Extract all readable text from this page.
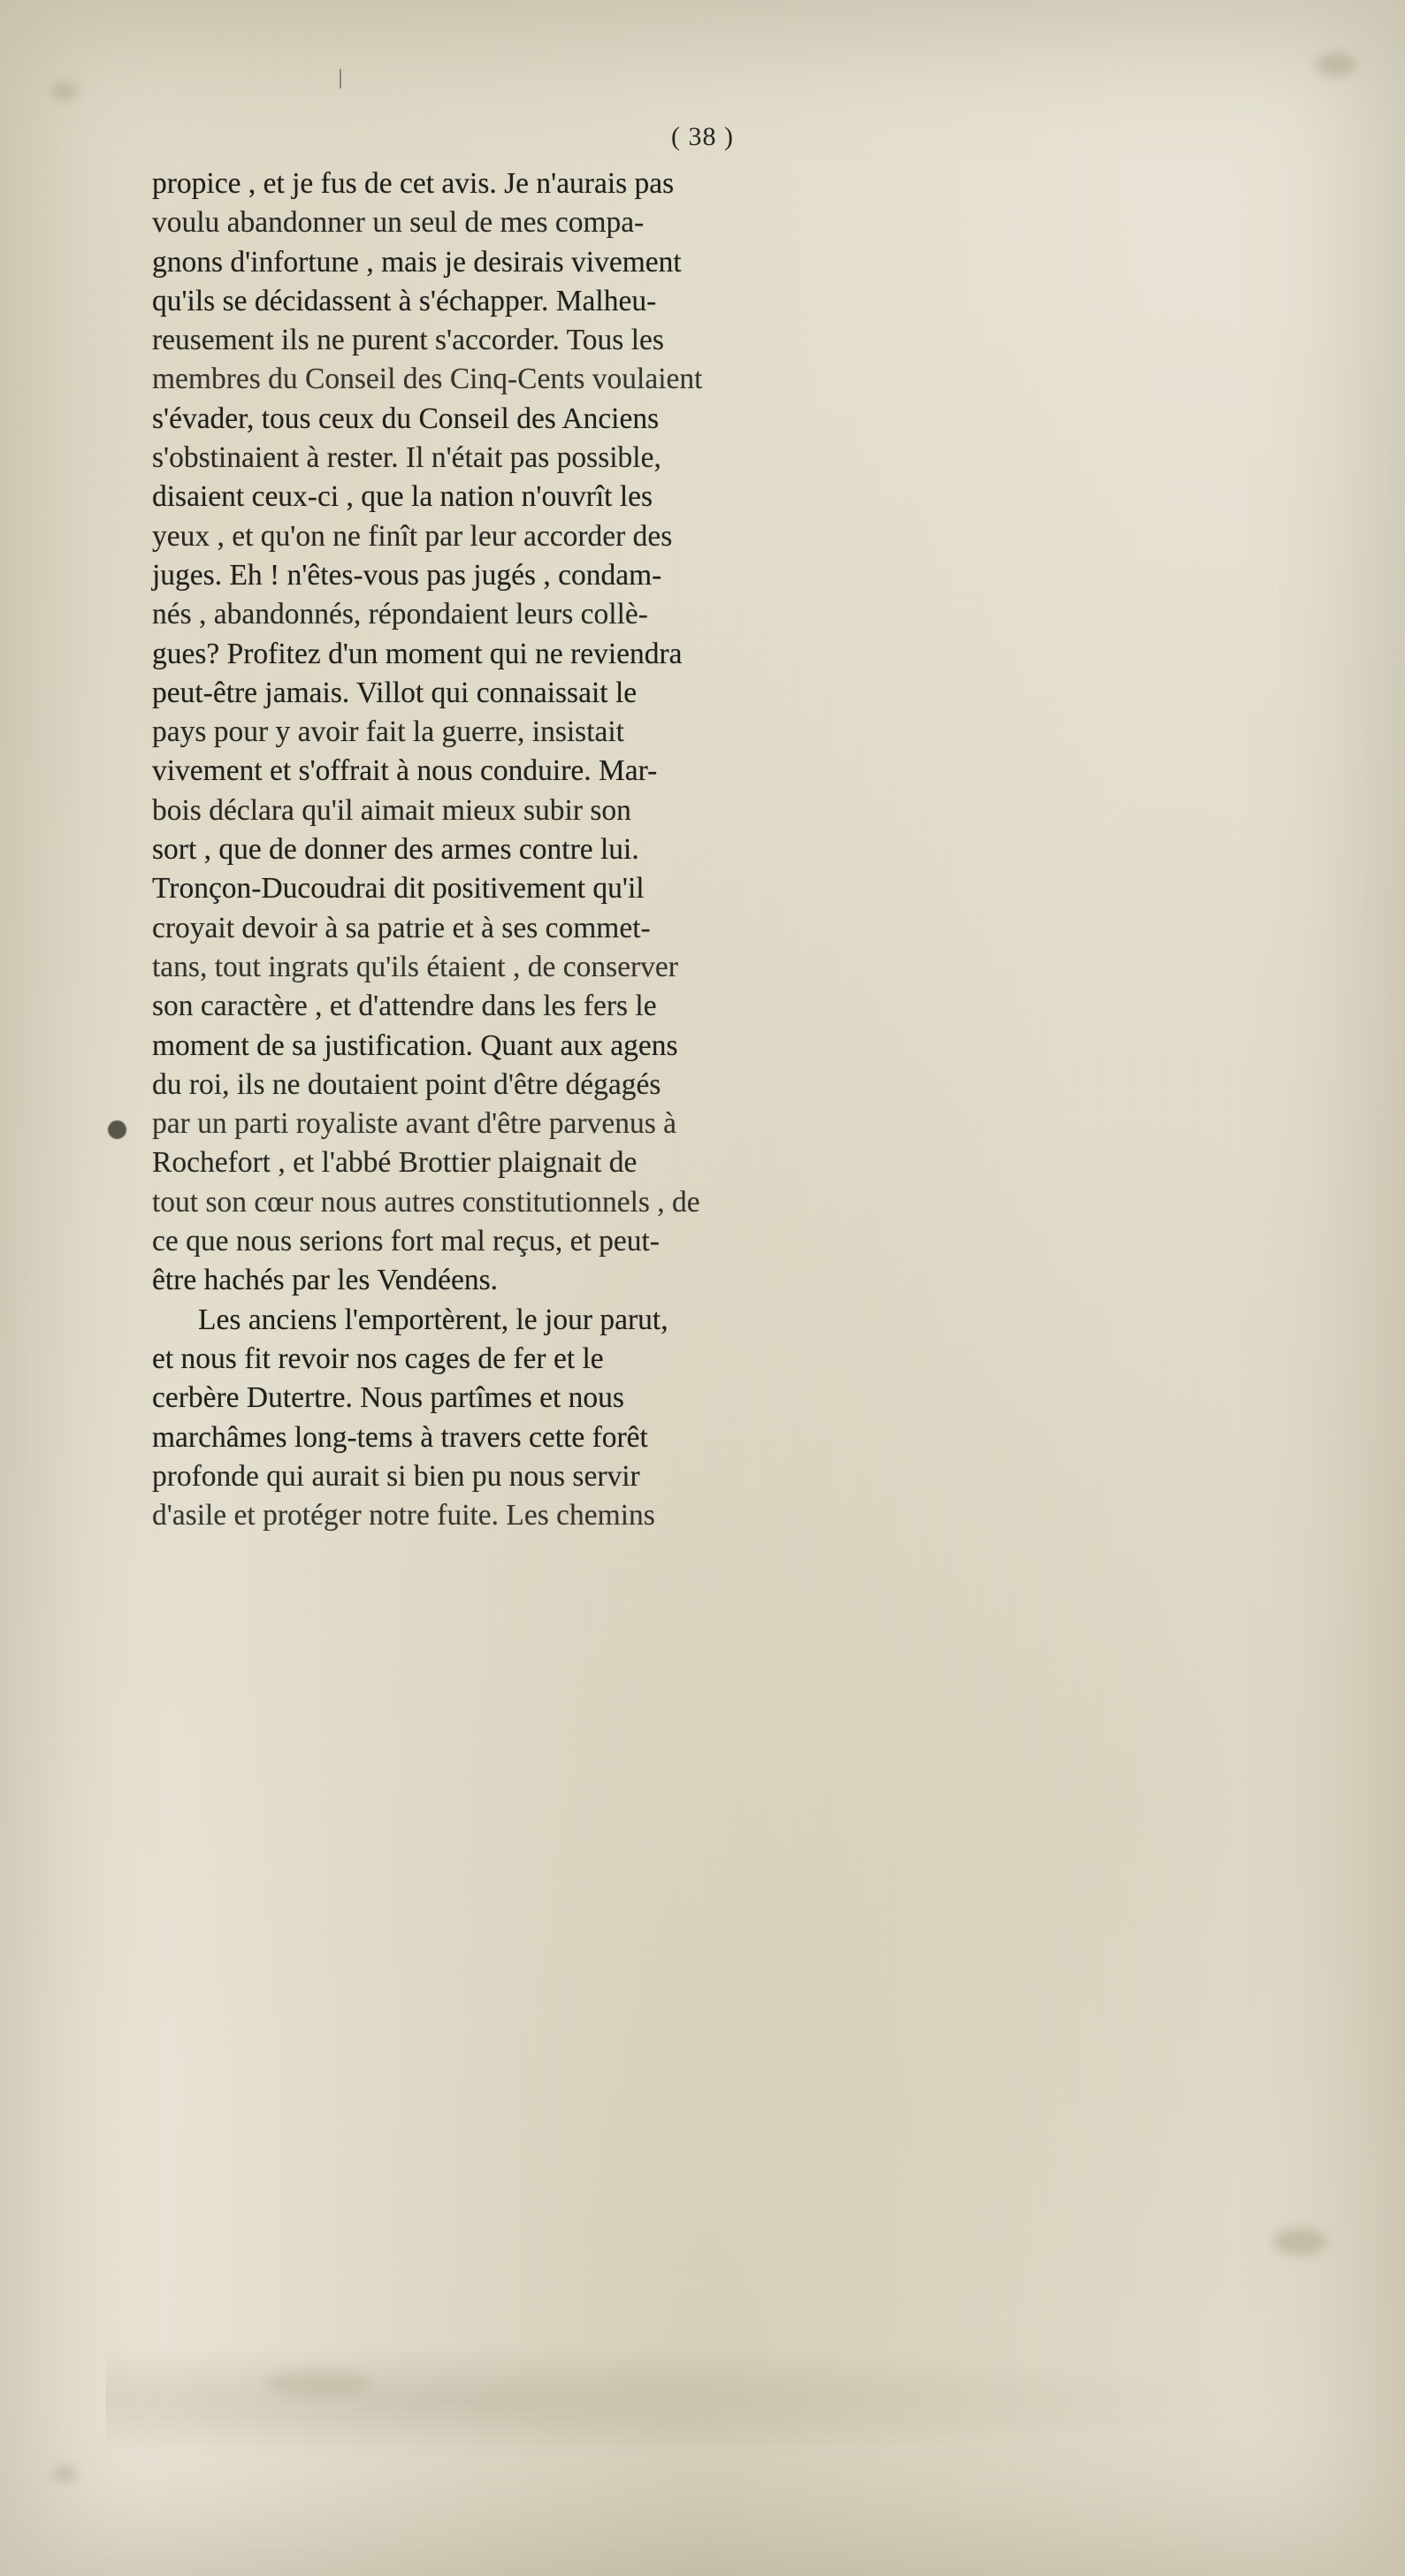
( 38 )
propice , et je fus de cet avis. Je n'aurais pas
voulu abandonner un seul de mes compa-
gnons d'infortune , mais je desirais vivement
qu'ils se décidassent à s'échapper. Malheu-
reusement ils ne purent s'accorder. Tous les
membres du Conseil des Cinq-Cents voulaient
s'évader, tous ceux du Conseil des Anciens
s'obstinaient à rester. Il n'était pas possible,
disaient ceux-ci , que la nation n'ouvrît les
yeux , et qu'on ne finît par leur accorder des
juges. Eh ! n'êtes-vous pas jugés , condam-
nés , abandonnés, répondaient leurs collè-
gues? Profitez d'un moment qui ne reviendra
peut-être jamais. Villot qui connaissait le
pays pour y avoir fait la guerre, insistait
vivement et s'offrait à nous conduire. Mar-
bois déclara qu'il aimait mieux subir son
sort , que de donner des armes contre lui.
Tronçon-Ducoudrai dit positivement qu'il
croyait devoir à sa patrie et à ses commet-
tans, tout ingrats qu'ils étaient , de conserver
son caractère , et d'attendre dans les fers le
moment de sa justification. Quant aux agens
du roi, ils ne doutaient point d'être dégagés
par un parti royaliste avant d'être parvenus à
Rochefort , et l'abbé Brottier plaignait de
tout son cœur nous autres constitutionnels , de
ce que nous serions fort mal reçus, et peut-
être hachés par les Vendéens.
Les anciens l'emportèrent, le jour parut,
et nous fit revoir nos cages de fer et le
cerbère Dutertre. Nous partîmes et nous
marchâmes long-tems à travers cette forêt
profonde qui aurait si bien pu nous servir
d'asile et protéger notre fuite. Les chemins
